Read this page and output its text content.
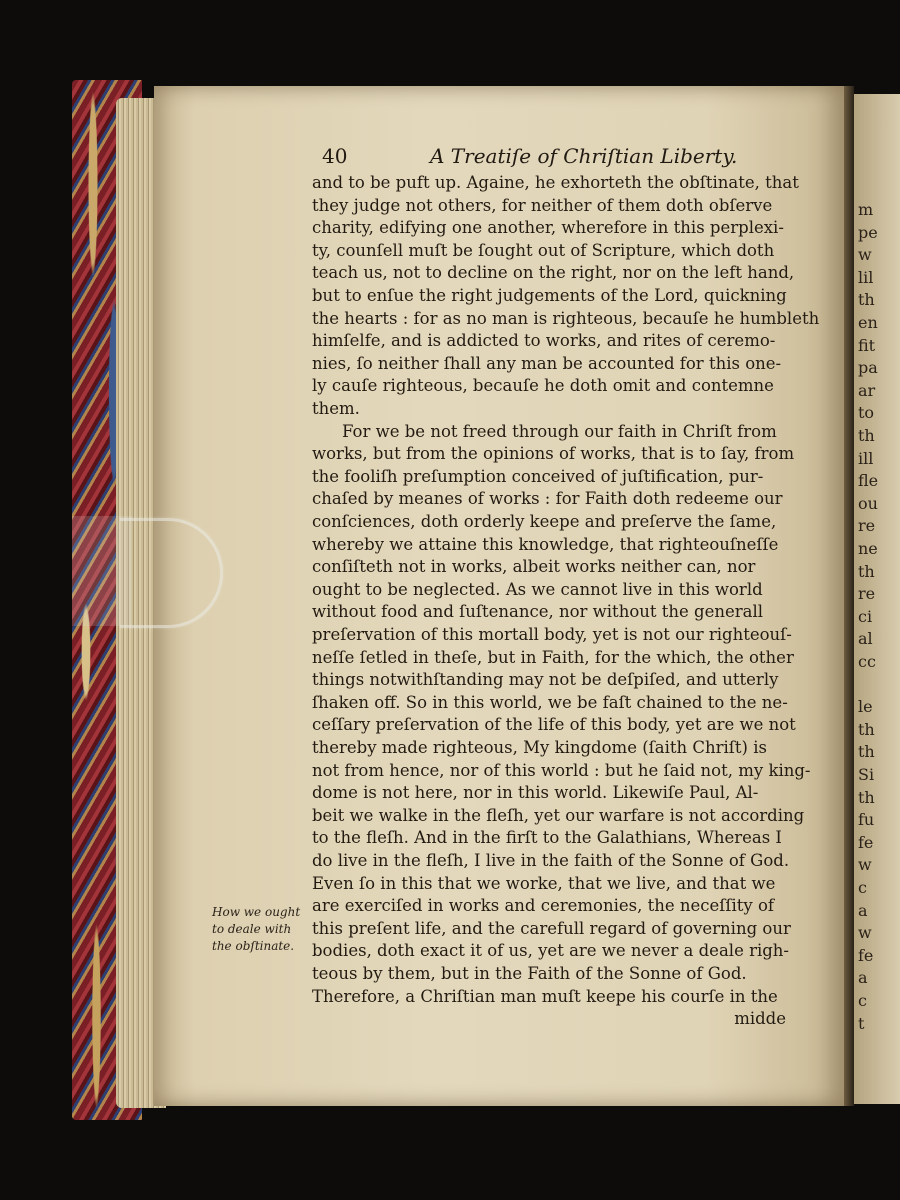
m
pe
w
lil
th
en
fit
pa
ar
to
th
ill
fle
ou
re
ne
th
re
ci
al
cc
le
th
th
Si
th
fu
fe
w
c
a
w
fe
a
c
t
40	A Treatiſe of Chriſtian Liberty.
and to be puft up. Againe, he exhorteth the obſtinate, that
they judge not others, for neither of them doth obſerve
charity, edifying one another, wherefore in this perplexi-
ty, counſell muſt be ſought out of Scripture, which doth
teach us, not to decline on the right, nor on the left hand,
but to enſue the right judgements of the Lord, quickning
the hearts : for as no man is righteous, becauſe he humbleth
himſelfe, and is addicted to works, and rites of ceremo-
nies, ſo neither ſhall any man be accounted for this one-
ly cauſe righteous, becauſe he doth omit and contemne
them.
For we be not freed through our faith in Chriſt from
works, but from the opinions of works, that is to ſay, from
the fooliſh preſumption conceived of juſtification, pur-
chaſed by meanes of works : for Faith doth redeeme our
conſciences, doth orderly keepe and preſerve the ſame,
whereby we attaine this knowledge, that righteouſneſſe
conſiſteth not in works, albeit works neither can, nor
ought to be neglected. As we cannot live in this world
without food and ſuſtenance, nor without the generall
preſervation of this mortall body, yet is not our righteouſ-
neſſe ſetled in theſe, but in Faith, for the which, the other
things notwithſtanding may not be deſpiſed, and utterly
ſhaken off. So in this world, we be faſt chained to the ne-
ceſſary preſervation of the life of this body, yet are we not
thereby made righteous, My kingdome (ſaith Chriſt) is
not from hence, nor of this world : but he ſaid not, my king-
dome is not here, nor in this world. Likewiſe Paul, Al-
beit we walke in the fleſh, yet our warfare is not according
to the fleſh. And in the firſt to the Galathians, Whereas I
do live in the fleſh, I live in the faith of the Sonne of God.
Even ſo in this that we worke, that we live, and that we
are exerciſed in works and ceremonies, the neceſſity of
this preſent life, and the carefull regard of governing our
bodies, doth exact it of us, yet are we never a deale righ-
teous by them, but in the Faith of the Sonne of God.
Therefore, a Chriſtian man muſt keepe his courſe in the
midde
How we ought
to deale with
the obſtinate.
